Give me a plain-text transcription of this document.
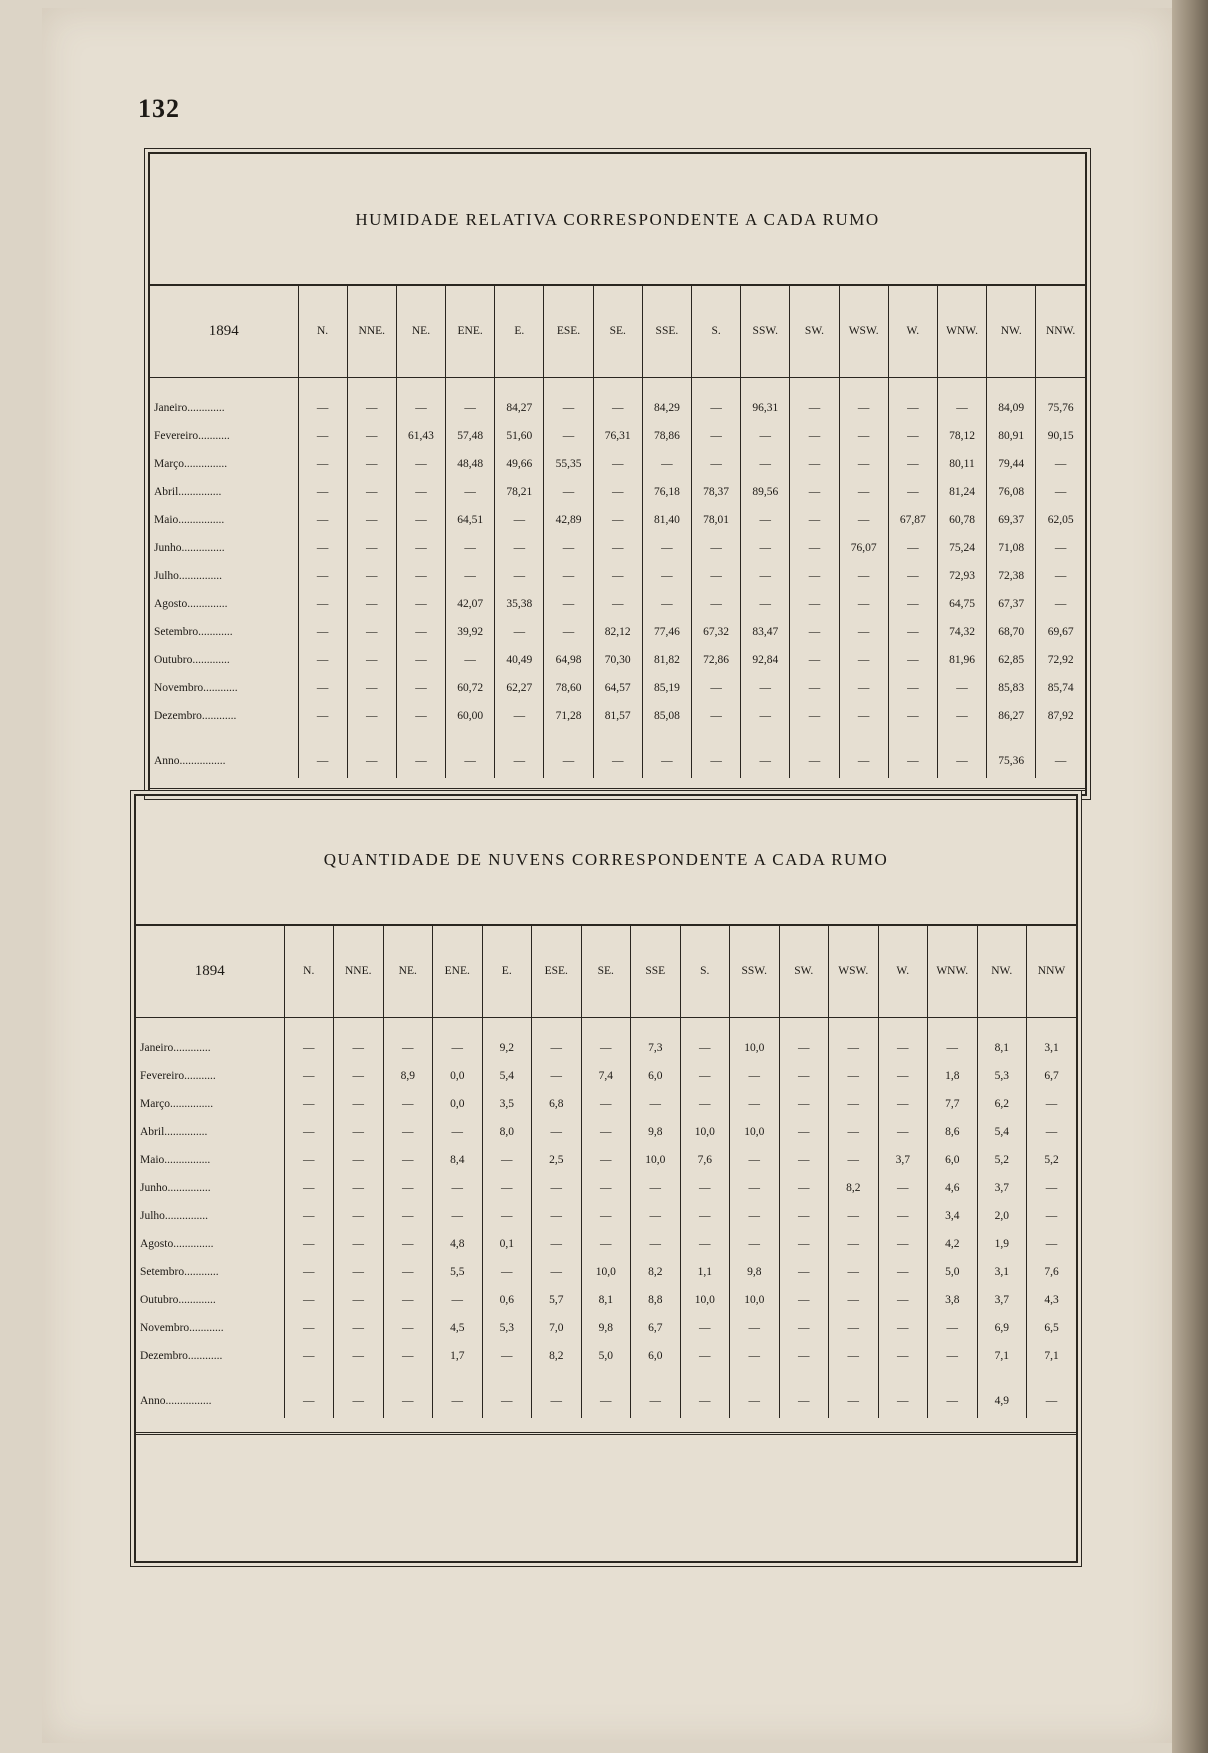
132
HUMIDADE RELATIVA CORRESPONDENTE A CADA RUMO
1894	N.	NNE.	NE.	ENE.	E.	ESE.	SE.	SSE.	S.	SSW.	SW.	WSW.	W.	WNW.	NW.	NNW.
Janeiro.............	—	—	—	—	84,27	—	—	84,29	—	96,31	—	—	—	—	84,09	75,76
Fevereiro...........	—	—	61,43	57,48	51,60	—	76,31	78,86	—	—	—	—	—	78,12	80,91	90,15
Março...............	—	—	—	48,48	49,66	55,35	—	—	—	—	—	—	—	80,11	79,44	—
Abril...............	—	—	—	—	78,21	—	—	76,18	78,37	89,56	—	—	—	81,24	76,08	—
Maio................	—	—	—	64,51	—	42,89	—	81,40	78,01	—	—	—	67,87	60,78	69,37	62,05
Junho...............	—	—	—	—	—	—	—	—	—	—	—	76,07	—	75,24	71,08	—
Julho...............	—	—	—	—	—	—	—	—	—	—	—	—	—	72,93	72,38	—
Agosto..............	—	—	—	42,07	35,38	—	—	—	—	—	—	—	—	64,75	67,37	—
Setembro............	—	—	—	39,92	—	—	82,12	77,46	67,32	83,47	—	—	—	74,32	68,70	69,67
Outubro.............	—	—	—	—	40,49	64,98	70,30	81,82	72,86	92,84	—	—	—	81,96	62,85	72,92
Novembro............	—	—	—	60,72	62,27	78,60	64,57	85,19	—	—	—	—	—	—	85,83	85,74
Dezembro............	—	—	—	60,00	—	71,28	81,57	85,08	—	—	—	—	—	—	86,27	87,92
Anno................	—	—	—	—	—	—	—	—	—	—	—	—	—	—	75,36	—
QUANTIDADE DE NUVENS CORRESPONDENTE A CADA RUMO
1894	N.	NNE.	NE.	ENE.	E.	ESE.	SE.	SSE	S.	SSW.	SW.	WSW.	W.	WNW.	NW.	NNW
Janeiro.............	—	—	—	—	9,2	—	—	7,3	—	10,0	—	—	—	—	8,1	3,1
Fevereiro...........	—	—	8,9	0,0	5,4	—	7,4	6,0	—	—	—	—	—	1,8	5,3	6,7
Março...............	—	—	—	0,0	3,5	6,8	—	—	—	—	—	—	—	7,7	6,2	—
Abril...............	—	—	—	—	8,0	—	—	9,8	10,0	10,0	—	—	—	8,6	5,4	—
Maio................	—	—	—	8,4	—	2,5	—	10,0	7,6	—	—	—	3,7	6,0	5,2	5,2
Junho...............	—	—	—	—	—	—	—	—	—	—	—	8,2	—	4,6	3,7	—
Julho...............	—	—	—	—	—	—	—	—	—	—	—	—	—	3,4	2,0	—
Agosto..............	—	—	—	4,8	0,1	—	—	—	—	—	—	—	—	4,2	1,9	—
Setembro............	—	—	—	5,5	—	—	10,0	8,2	1,1	9,8	—	—	—	5,0	3,1	7,6
Outubro.............	—	—	—	—	0,6	5,7	8,1	8,8	10,0	10,0	—	—	—	3,8	3,7	4,3
Novembro............	—	—	—	4,5	5,3	7,0	9,8	6,7	—	—	—	—	—	—	6,9	6,5
Dezembro............	—	—	—	1,7	—	8,2	5,0	6,0	—	—	—	—	—	—	7,1	7,1
Anno................	—	—	—	—	—	—	—	—	—	—	—	—	—	—	4,9	—
